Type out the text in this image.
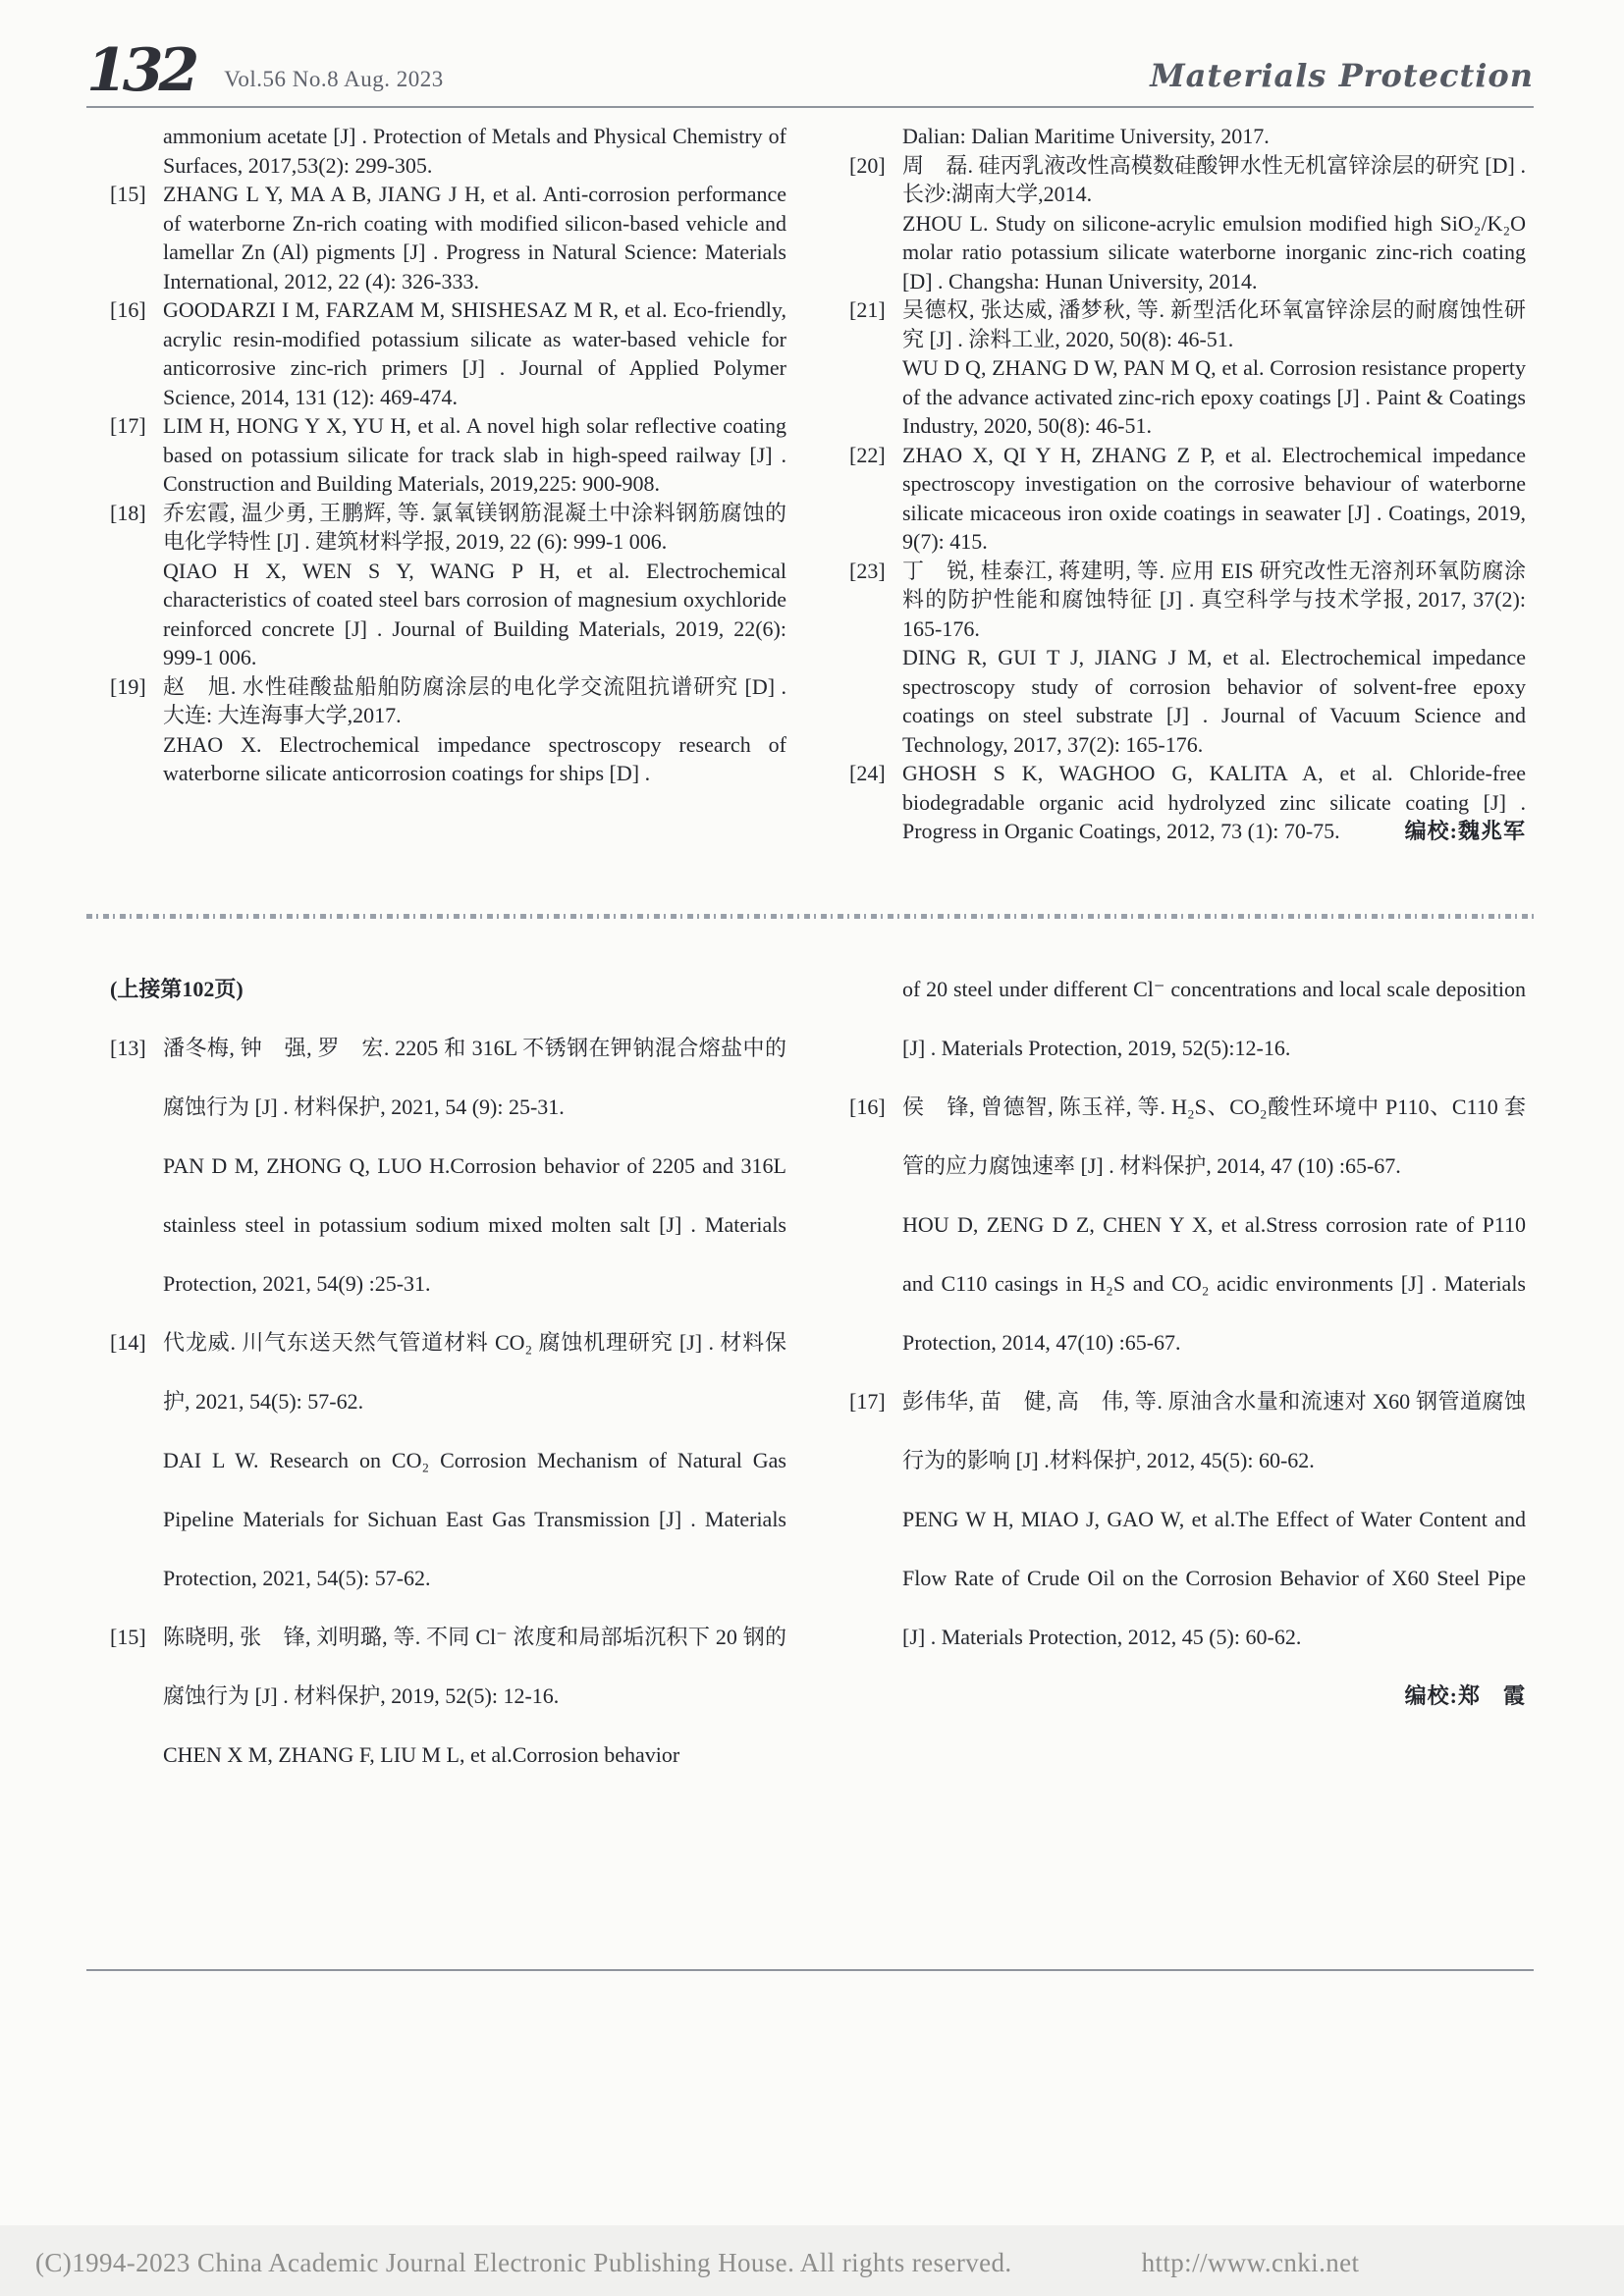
132 Vol.56 No.8 Aug. 2023	Materials Protection
ammonium acetate [J] . Protection of Metals and Physical Chemistry of Surfaces, 2017,53(2): 299-305.
[15] ZHANG L Y, MA A B, JIANG J H, et al. Anti-corrosion performance of waterborne Zn-rich coating with modified silicon-based vehicle and lamellar Zn (Al) pigments [J] . Progress in Natural Science: Materials International, 2012, 22 (4): 326-333.
[16] GOODARZI I M, FARZAM M, SHISHESAZ M R, et al. Eco-friendly, acrylic resin-modified potassium silicate as water-based vehicle for anticorrosive zinc-rich primers [J] . Journal of Applied Polymer Science, 2014, 131 (12): 469-474.
[17] LIM H, HONG Y X, YU H, et al. A novel high solar reflective coating based on potassium silicate for track slab in high-speed railway [J] . Construction and Building Materials, 2019,225: 900-908.
[18] 乔宏霞, 温少勇, 王鹏辉, 等. 氯氧镁钢筋混凝土中涂料钢筋腐蚀的电化学特性 [J] . 建筑材料学报, 2019, 22 (6): 999-1 006.
QIAO H X, WEN S Y, WANG P H, et al. Electrochemical characteristics of coated steel bars corrosion of magnesium oxychloride reinforced concrete [J] . Journal of Building Materials, 2019, 22(6): 999-1 006.
[19] 赵　旭. 水性硅酸盐船舶防腐涂层的电化学交流阻抗谱研究 [D] . 大连: 大连海事大学,2017.
ZHAO X. Electrochemical impedance spectroscopy research of waterborne silicate anticorrosion coatings for ships [D] .
Dalian: Dalian Maritime University, 2017.
[20] 周　磊. 硅丙乳液改性高模数硅酸钾水性无机富锌涂层的研究 [D] . 长沙:湖南大学,2014.
ZHOU L. Study on silicone-acrylic emulsion modified high SiO₂/K₂O molar ratio potassium silicate waterborne inorganic zinc-rich coating [D] . Changsha: Hunan University, 2014.
[21] 吴德权, 张达威, 潘梦秋, 等. 新型活化环氧富锌涂层的耐腐蚀性研究 [J] . 涂料工业, 2020, 50(8): 46-51.
WU D Q, ZHANG D W, PAN M Q, et al. Corrosion resistance property of the advance activated zinc-rich epoxy coatings [J] . Paint & Coatings Industry, 2020, 50(8): 46-51.
[22] ZHAO X, QI Y H, ZHANG Z P, et al. Electrochemical impedance spectroscopy investigation on the corrosive behaviour of waterborne silicate micaceous iron oxide coatings in seawater [J] . Coatings, 2019, 9(7): 415.
[23] 丁　锐, 桂泰江, 蒋建明, 等. 应用 EIS 研究改性无溶剂环氧防腐涂料的防护性能和腐蚀特征 [J] . 真空科学与技术学报, 2017, 37(2): 165-176.
DING R, GUI T J, JIANG J M, et al. Electrochemical impedance spectroscopy study of corrosion behavior of solvent-free epoxy coatings on steel substrate [J] . Journal of Vacuum Science and Technology, 2017, 37(2): 165-176.
[24] GHOSH S K, WAGHOO G, KALITA A, et al. Chloride-free biodegradable organic acid hydrolyzed zinc silicate coating [J] . Progress in Organic Coatings, 2012, 73 (1): 70-75.	编校:魏兆军
(上接第102页)
[13] 潘冬梅, 钟　强, 罗　宏. 2205 和 316L 不锈钢在钾钠混合熔盐中的腐蚀行为 [J] . 材料保护, 2021, 54 (9): 25-31.
PAN D M, ZHONG Q, LUO H.Corrosion behavior of 2205 and 316L stainless steel in potassium sodium mixed molten salt [J] . Materials Protection, 2021, 54(9) :25-31.
[14] 代龙威. 川气东送天然气管道材料 CO₂ 腐蚀机理研究 [J] . 材料保护, 2021, 54(5): 57-62.
DAI L W. Research on CO₂ Corrosion Mechanism of Natural Gas Pipeline Materials for Sichuan East Gas Transmission [J] . Materials Protection, 2021, 54(5): 57-62.
[15] 陈晓明, 张　锋, 刘明璐, 等. 不同 Cl⁻ 浓度和局部垢沉积下 20 钢的腐蚀行为 [J] . 材料保护, 2019, 52(5): 12-16.
CHEN X M, ZHANG F, LIU M L, et al.Corrosion behavior
of 20 steel under different Cl⁻ concentrations and local scale deposition [J] . Materials Protection, 2019, 52(5):12-16.
[16] 侯　锋, 曾德智, 陈玉祥, 等. H₂S、CO₂酸性环境中 P110、C110 套管的应力腐蚀速率 [J] . 材料保护, 2014, 47 (10) :65-67.
HOU D, ZENG D Z, CHEN Y X, et al.Stress corrosion rate of P110 and C110 casings in H₂S and CO₂ acidic environments [J] . Materials Protection, 2014, 47(10) :65-67.
[17] 彭伟华, 苗　健, 高　伟, 等. 原油含水量和流速对 X60 钢管道腐蚀行为的影响 [J] .材料保护, 2012, 45(5): 60-62.
PENG W H, MIAO J, GAO W, et al.The Effect of Water Content and Flow Rate of Crude Oil on the Corrosion Behavior of X60 Steel Pipe [J] . Materials Protection, 2012, 45 (5): 60-62.
编校:郑　霞
(C)1994-2023 China Academic Journal Electronic Publishing House. All rights reserved.	http://www.cnki.net
